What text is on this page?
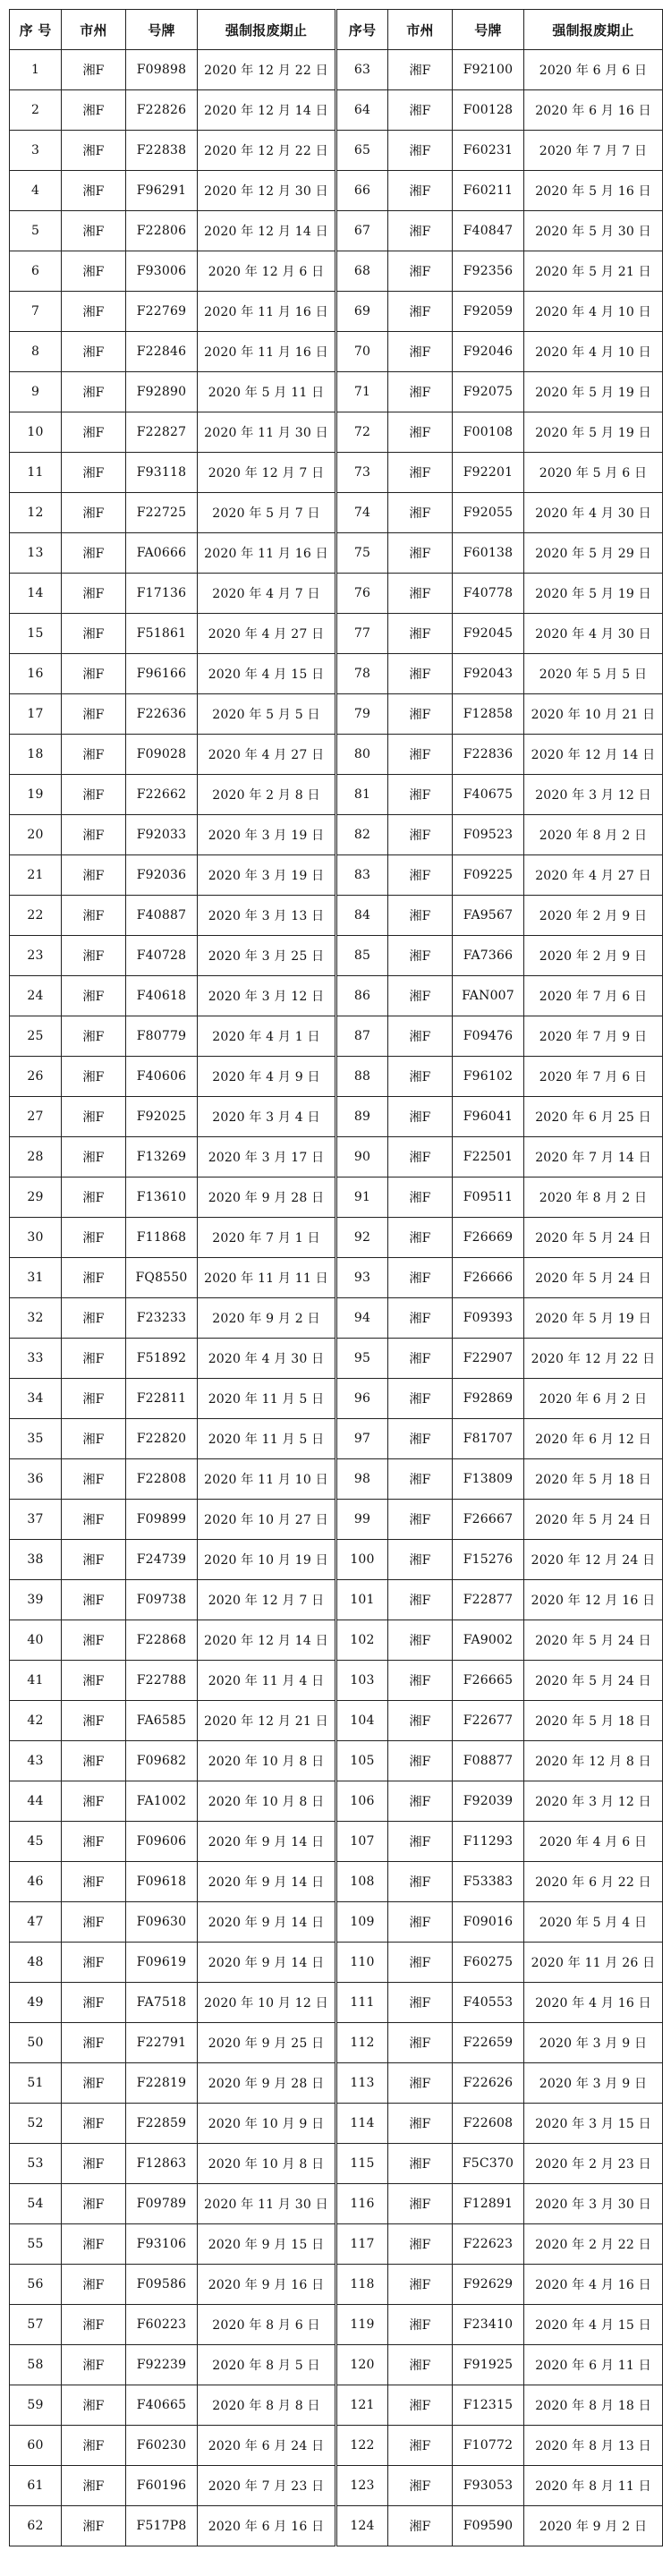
序 号	市州	号牌	强制报废期止	序号	市州	号牌	强制报废期止
1	湘F	F09898	2020 年 12 月 22 日	63	湘F	F92100	2020 年 6 月 6 日
2	湘F	F22826	2020 年 12 月 14 日	64	湘F	F00128	2020 年 6 月 16 日
3	湘F	F22838	2020 年 12 月 22 日	65	湘F	F60231	2020 年 7 月 7 日
4	湘F	F96291	2020 年 12 月 30 日	66	湘F	F60211	2020 年 5 月 16 日
5	湘F	F22806	2020 年 12 月 14 日	67	湘F	F40847	2020 年 5 月 30 日
6	湘F	F93006	2020 年 12 月 6 日	68	湘F	F92356	2020 年 5 月 21 日
7	湘F	F22769	2020 年 11 月 16 日	69	湘F	F92059	2020 年 4 月 10 日
8	湘F	F22846	2020 年 11 月 16 日	70	湘F	F92046	2020 年 4 月 10 日
9	湘F	F92890	2020 年 5 月 11 日	71	湘F	F92075	2020 年 5 月 19 日
10	湘F	F22827	2020 年 11 月 30 日	72	湘F	F00108	2020 年 5 月 19 日
11	湘F	F93118	2020 年 12 月 7 日	73	湘F	F92201	2020 年 5 月 6 日
12	湘F	F22725	2020 年 5 月 7 日	74	湘F	F92055	2020 年 4 月 30 日
13	湘F	FA0666	2020 年 11 月 16 日	75	湘F	F60138	2020 年 5 月 29 日
14	湘F	F17136	2020 年 4 月 7 日	76	湘F	F40778	2020 年 5 月 19 日
15	湘F	F51861	2020 年 4 月 27 日	77	湘F	F92045	2020 年 4 月 30 日
16	湘F	F96166	2020 年 4 月 15 日	78	湘F	F92043	2020 年 5 月 5 日
17	湘F	F22636	2020 年 5 月 5 日	79	湘F	F12858	2020 年 10 月 21 日
18	湘F	F09028	2020 年 4 月 27 日	80	湘F	F22836	2020 年 12 月 14 日
19	湘F	F22662	2020 年 2 月 8 日	81	湘F	F40675	2020 年 3 月 12 日
20	湘F	F92033	2020 年 3 月 19 日	82	湘F	F09523	2020 年 8 月 2 日
21	湘F	F92036	2020 年 3 月 19 日	83	湘F	F09225	2020 年 4 月 27 日
22	湘F	F40887	2020 年 3 月 13 日	84	湘F	FA9567	2020 年 2 月 9 日
23	湘F	F40728	2020 年 3 月 25 日	85	湘F	FA7366	2020 年 2 月 9 日
24	湘F	F40618	2020 年 3 月 12 日	86	湘F	FAN007	2020 年 7 月 6 日
25	湘F	F80779	2020 年 4 月 1 日	87	湘F	F09476	2020 年 7 月 9 日
26	湘F	F40606	2020 年 4 月 9 日	88	湘F	F96102	2020 年 7 月 6 日
27	湘F	F92025	2020 年 3 月 4 日	89	湘F	F96041	2020 年 6 月 25 日
28	湘F	F13269	2020 年 3 月 17 日	90	湘F	F22501	2020 年 7 月 14 日
29	湘F	F13610	2020 年 9 月 28 日	91	湘F	F09511	2020 年 8 月 2 日
30	湘F	F11868	2020 年 7 月 1 日	92	湘F	F26669	2020 年 5 月 24 日
31	湘F	FQ8550	2020 年 11 月 11 日	93	湘F	F26666	2020 年 5 月 24 日
32	湘F	F23233	2020 年 9 月 2 日	94	湘F	F09393	2020 年 5 月 19 日
33	湘F	F51892	2020 年 4 月 30 日	95	湘F	F22907	2020 年 12 月 22 日
34	湘F	F22811	2020 年 11 月 5 日	96	湘F	F92869	2020 年 6 月 2 日
35	湘F	F22820	2020 年 11 月 5 日	97	湘F	F81707	2020 年 6 月 12 日
36	湘F	F22808	2020 年 11 月 10 日	98	湘F	F13809	2020 年 5 月 18 日
37	湘F	F09899	2020 年 10 月 27 日	99	湘F	F26667	2020 年 5 月 24 日
38	湘F	F24739	2020 年 10 月 19 日	100	湘F	F15276	2020 年 12 月 24 日
39	湘F	F09738	2020 年 12 月 7 日	101	湘F	F22877	2020 年 12 月 16 日
40	湘F	F22868	2020 年 12 月 14 日	102	湘F	FA9002	2020 年 5 月 24 日
41	湘F	F22788	2020 年 11 月 4 日	103	湘F	F26665	2020 年 5 月 24 日
42	湘F	FA6585	2020 年 12 月 21 日	104	湘F	F22677	2020 年 5 月 18 日
43	湘F	F09682	2020 年 10 月 8 日	105	湘F	F08877	2020 年 12 月 8 日
44	湘F	FA1002	2020 年 10 月 8 日	106	湘F	F92039	2020 年 3 月 12 日
45	湘F	F09606	2020 年 9 月 14 日	107	湘F	F11293	2020 年 4 月 6 日
46	湘F	F09618	2020 年 9 月 14 日	108	湘F	F53383	2020 年 6 月 22 日
47	湘F	F09630	2020 年 9 月 14 日	109	湘F	F09016	2020 年 5 月 4 日
48	湘F	F09619	2020 年 9 月 14 日	110	湘F	F60275	2020 年 11 月 26 日
49	湘F	FA7518	2020 年 10 月 12 日	111	湘F	F40553	2020 年 4 月 16 日
50	湘F	F22791	2020 年 9 月 25 日	112	湘F	F22659	2020 年 3 月 9 日
51	湘F	F22819	2020 年 9 月 28 日	113	湘F	F22626	2020 年 3 月 9 日
52	湘F	F22859	2020 年 10 月 9 日	114	湘F	F22608	2020 年 3 月 15 日
53	湘F	F12863	2020 年 10 月 8 日	115	湘F	F5C370	2020 年 2 月 23 日
54	湘F	F09789	2020 年 11 月 30 日	116	湘F	F12891	2020 年 3 月 30 日
55	湘F	F93106	2020 年 9 月 15 日	117	湘F	F22623	2020 年 2 月 22 日
56	湘F	F09586	2020 年 9 月 16 日	118	湘F	F92629	2020 年 4 月 16 日
57	湘F	F60223	2020 年 8 月 6 日	119	湘F	F23410	2020 年 4 月 15 日
58	湘F	F92239	2020 年 8 月 5 日	120	湘F	F91925	2020 年 6 月 11 日
59	湘F	F40665	2020 年 8 月 8 日	121	湘F	F12315	2020 年 8 月 18 日
60	湘F	F60230	2020 年 6 月 24 日	122	湘F	F10772	2020 年 8 月 13 日
61	湘F	F60196	2020 年 7 月 23 日	123	湘F	F93053	2020 年 8 月 11 日
62	湘F	F517P8	2020 年 6 月 16 日	124	湘F	F09590	2020 年 9 月 2 日
